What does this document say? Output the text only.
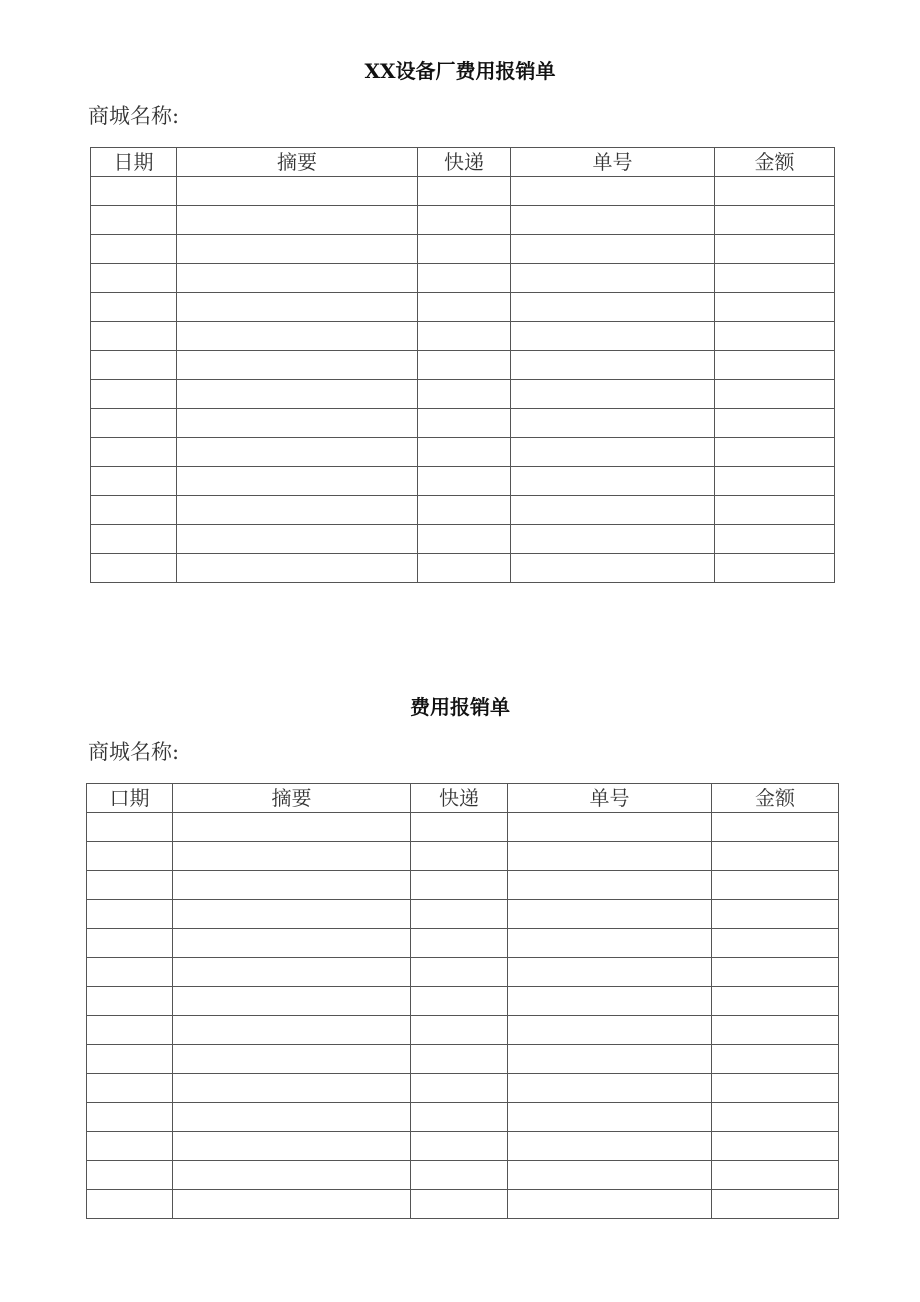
XX设备厂费用报销单

商城名称:

日期	摘要	快递	单号	金额

费用报销单

商城名称:

口期	摘要	快递	单号	金额
